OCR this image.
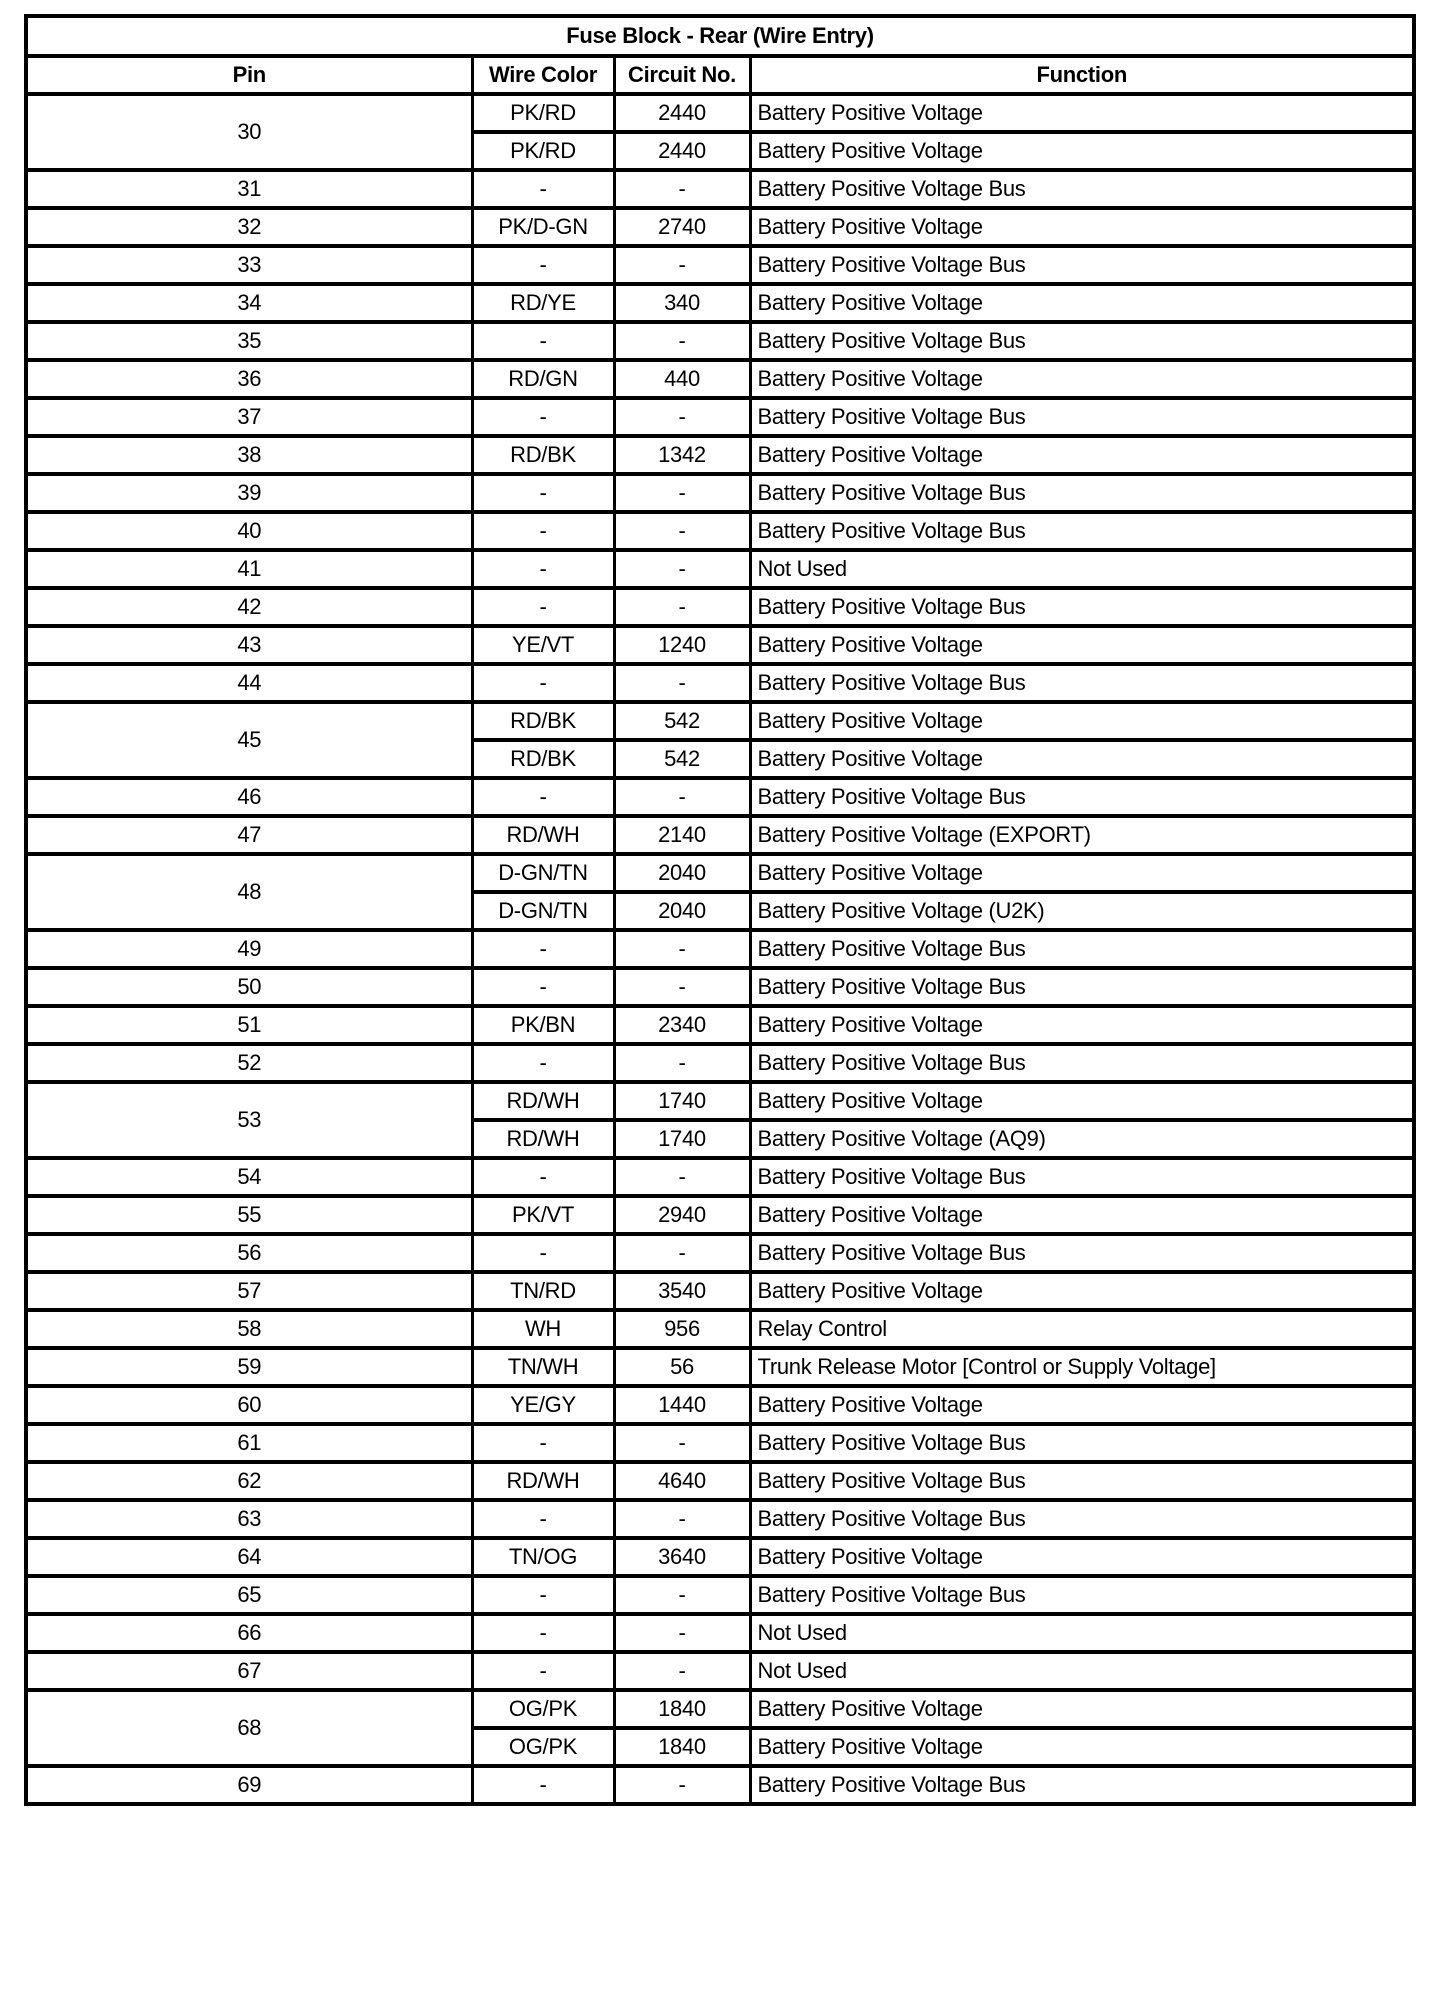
Fuse Block - Rear (Wire Entry)			
Pin	Wire Color	Circuit No.	Function
30	PK/RD	2440	Battery Positive Voltage
	PK/RD	2440	Battery Positive Voltage
31	-	-	Battery Positive Voltage Bus
32	PK/D-GN	2740	Battery Positive Voltage
33	-	-	Battery Positive Voltage Bus
34	RD/YE	340	Battery Positive Voltage
35	-	-	Battery Positive Voltage Bus
36	RD/GN	440	Battery Positive Voltage
37	-	-	Battery Positive Voltage Bus
38	RD/BK	1342	Battery Positive Voltage
39	-	-	Battery Positive Voltage Bus
40	-	-	Battery Positive Voltage Bus
41	-	-	Not Used
42	-	-	Battery Positive Voltage Bus
43	YE/VT	1240	Battery Positive Voltage
44	-	-	Battery Positive Voltage Bus
45	RD/BK	542	Battery Positive Voltage
	RD/BK	542	Battery Positive Voltage
46	-	-	Battery Positive Voltage Bus
47	RD/WH	2140	Battery Positive Voltage (EXPORT)
48	D-GN/TN	2040	Battery Positive Voltage
	D-GN/TN	2040	Battery Positive Voltage (U2K)
49	-	-	Battery Positive Voltage Bus
50	-	-	Battery Positive Voltage Bus
51	PK/BN	2340	Battery Positive Voltage
52	-	-	Battery Positive Voltage Bus
53	RD/WH	1740	Battery Positive Voltage
	RD/WH	1740	Battery Positive Voltage (AQ9)
54	-	-	Battery Positive Voltage Bus
55	PK/VT	2940	Battery Positive Voltage
56	-	-	Battery Positive Voltage Bus
57	TN/RD	3540	Battery Positive Voltage
58	WH	956	Relay Control
59	TN/WH	56	Trunk Release Motor [Control or Supply Voltage]
60	YE/GY	1440	Battery Positive Voltage
61	-	-	Battery Positive Voltage Bus
62	RD/WH	4640	Battery Positive Voltage Bus
63	-	-	Battery Positive Voltage Bus
64	TN/OG	3640	Battery Positive Voltage
65	-	-	Battery Positive Voltage Bus
66	-	-	Not Used
67	-	-	Not Used
68	OG/PK	1840	Battery Positive Voltage
	OG/PK	1840	Battery Positive Voltage
69	-	-	Battery Positive Voltage Bus
